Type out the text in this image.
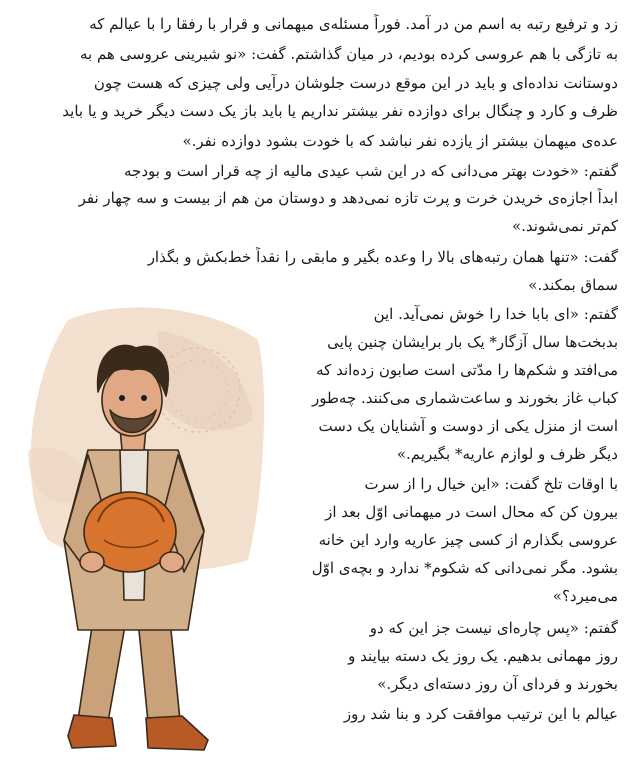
زد و ترفیع رتبه به اسم من در آمد. فوراً مسئله‌ی میهمانی و قرار با رفقا را با عیالم که
به تازگی با هم عروسی کرده بودیم، در میان گذاشتم. گفت: «نو شیرینی عروسی هم به
دوستانت نداده‌ای و باید در این موقع درست جلوشان درآیی ولی چیزی که هست چون
ظرف و کارد و چنگال برای دوازده نفر بیشتر نداریم یا باید باز یک دست دیگر خرید و یا باید
عده‌ی میهمان بیشتر از یازده نفر نباشد که با خودت بشود دوازده نفر.»
گفتم: «خودت بهتر می‌دانی که در این شب عیدی مالیه از چه قرار است و بودجه
ابداً اجازه‌ی خریدن خرت و پرت تازه نمی‌دهد و دوستان من هم از بیست و سه چهار نفر
کم‌تر نمی‌شوند.»
گفت: «تنها همان رتبه‌های بالا را وعده بگیر و مابقی را نقداً خط‌بکش و بگذار
سماق بمکند.»
گفتم: «ای بابا خدا را خوش نمی‌آید. این
بدبخت‌ها سال آزگار* یک بار برایشان چنین پایی
می‌افتد و شکم‌ها را مدّتی است صابون زده‌اند که
کباب غاز بخورند و ساعت‌شماری می‌کنند. چه‌طور
است از منزل یکی از دوست و آشنایان یک دست
دیگر ظرف و لوازم عاریه* بگیریم.»
با اوقات تلخ گفت: «این خیال را از سرت
بیرون کن که محال است در میهمانی اوّل بعد از
عروسی بگذارم از کسی چیز عاریه وارد این خانه
بشود. مگر نمی‌دانی که شکوم* ندارد و بچه‌ی اوّل
می‌میرد؟»
گفتم: «پس چاره‌ای نیست جز این که دو
روز مهمانی بدهیم. یک روز یک دسته بیایند و
بخورند و فردای آن روز دسته‌ای دیگر.»
عیالم با این ترتیب موافقت کرد و بنا شد روز
